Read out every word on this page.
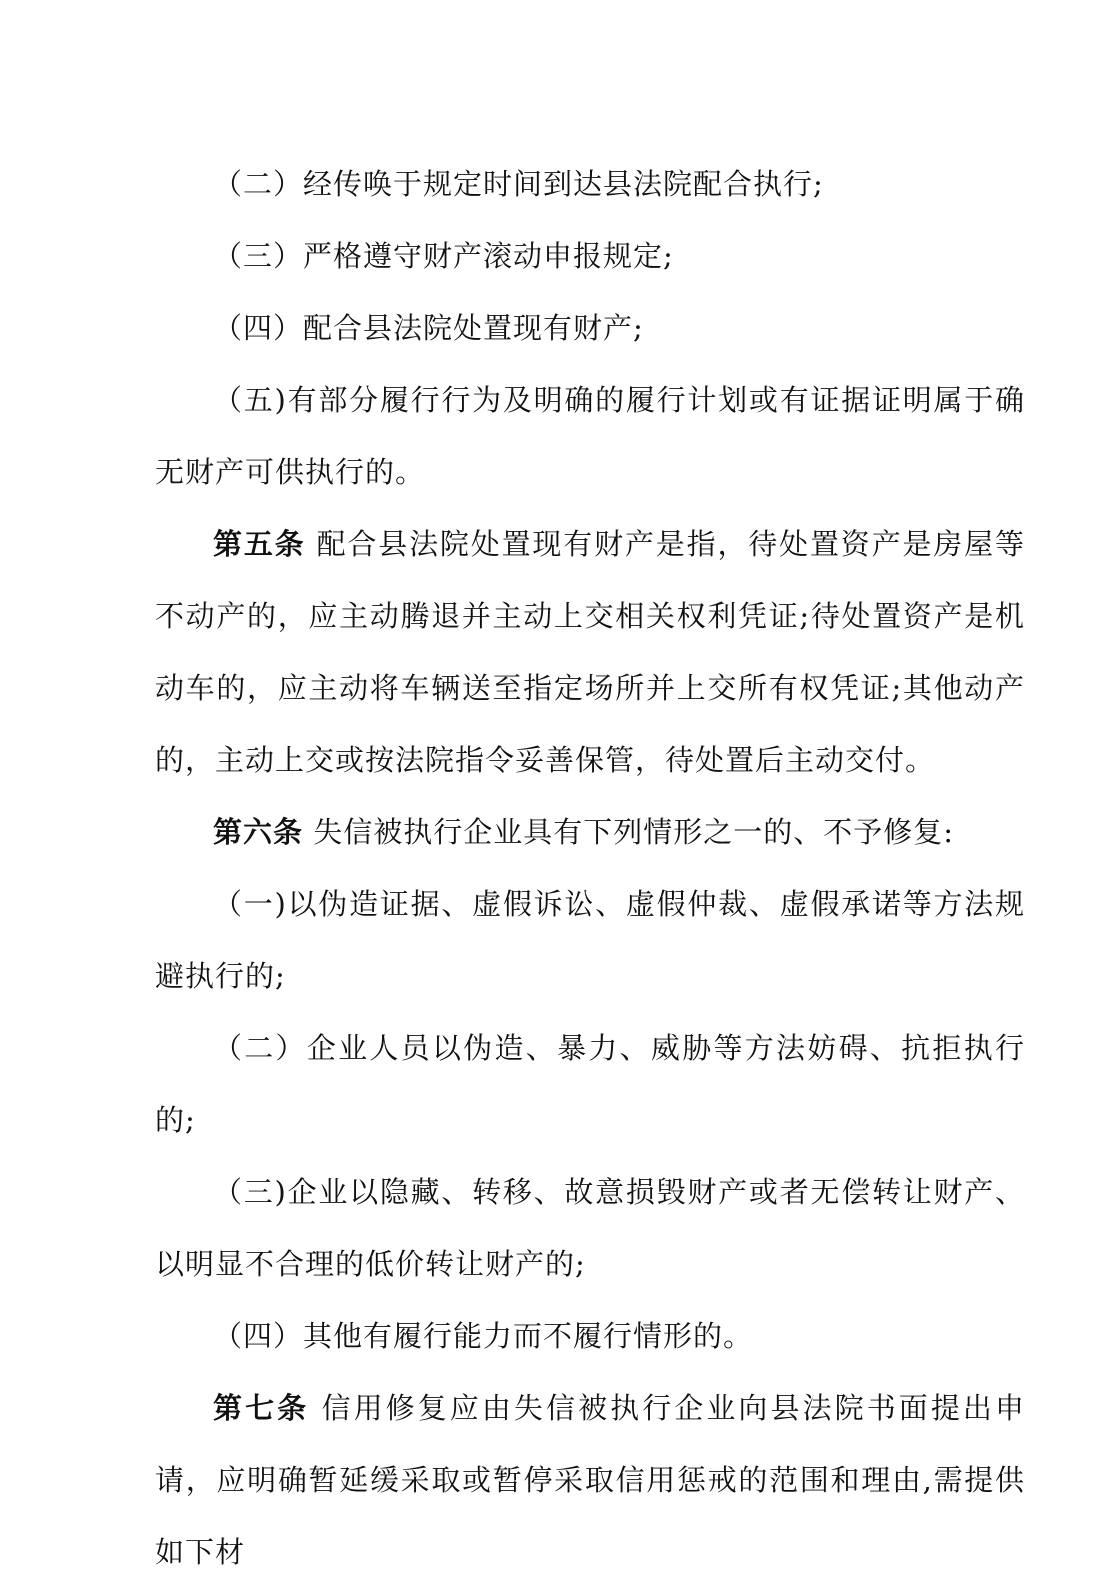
（二）经传唤于规定时间到达县法院配合执行;

（三）严格遵守财产滚动申报规定;

（四）配合县法院处置现有财产;

（五)有部分履行行为及明确的履行计划或有证据证明属于确无财产可供执行的。

第五条 配合县法院处置现有财产是指，待处置资产是房屋等不动产的，应主动腾退并主动上交相关权利凭证;待处置资产是机动车的，应主动将车辆送至指定场所并上交所有权凭证;其他动产的，主动上交或按法院指令妥善保管，待处置后主动交付。

第六条 失信被执行企业具有下列情形之一的、不予修复:

（一)以伪造证据、虚假诉讼、虚假仲裁、虚假承诺等方法规避执行的;

（二）企业人员以伪造、暴力、威胁等方法妨碍、抗拒执行的;

（三)企业以隐藏、转移、故意损毁财产或者无偿转让财产、以明显不合理的低价转让财产的;

（四）其他有履行能力而不履行情形的。

第七条 信用修复应由失信被执行企业向县法院书面提出申请，应明确暂延缓采取或暂停采取信用惩戒的范围和理由,需提供如下材
